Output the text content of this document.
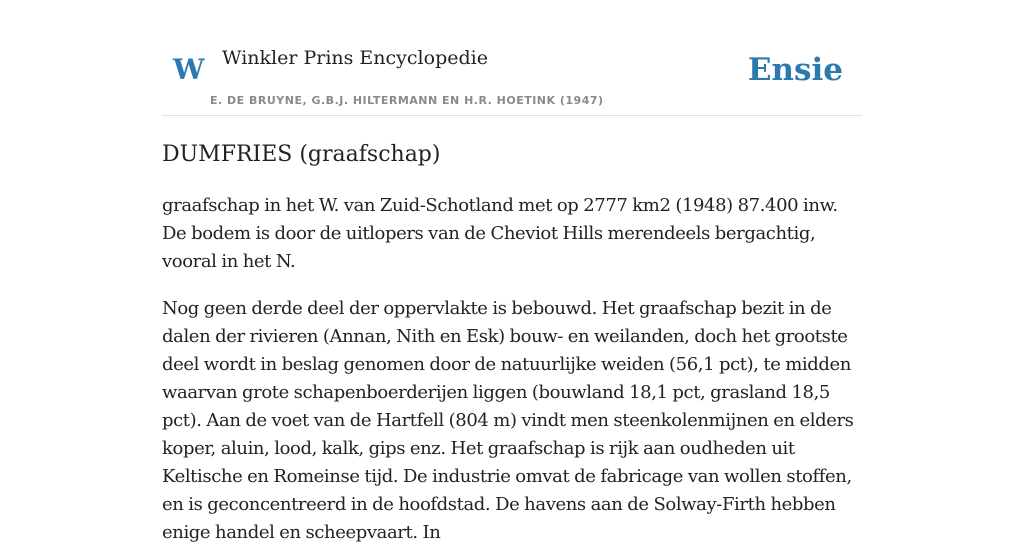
W Winkler Prins Encyclopedie
E. DE BRUYNE, G.B.J. HILTERMANN EN H.R. HOETINK (1947)
Ensie
DUMFRIES (graafschap)

graafschap in het W. van Zuid-Schotland met op 2777 km2 (1948) 87.400 inw. De bodem is door de uitlopers van de Cheviot Hills merendeels bergachtig, vooral in het N.

Nog geen derde deel der oppervlakte is bebouwd. Het graafschap bezit in de dalen der rivieren (Annan, Nith en Esk) bouw- en weilanden, doch het grootste deel wordt in beslag genomen door de natuurlijke weiden (56,1 pct), te midden waarvan grote schapenboerderijen liggen (bouwland 18,1 pct, grasland 18,5 pct). Aan de voet van de Hartfell (804 m) vindt men steenkolenmijnen en elders koper, aluin, lood, kalk, gips enz. Het graafschap is rijk aan oudheden uit Keltische en Romeinse tijd. De industrie omvat de fabricage van wollen stoffen, en is geconcentreerd in de hoofdstad. De havens aan de Solway-Firth hebben enige handel en scheepvaart. In
